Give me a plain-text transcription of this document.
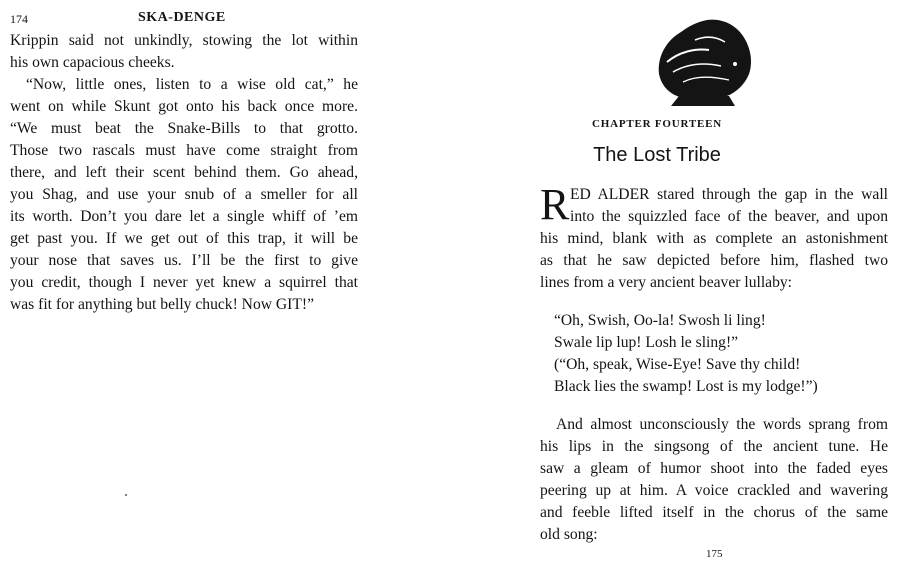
174	SKA-DENGE
Krippin said not unkindly, stowing the lot within
his own capacious cheeks.
“Now, little ones, listen to a wise old cat,” he
went on while Skunt got onto his back once more.
“We must beat the Snake-Bills to that grotto.
Those two rascals must have come straight from
there, and left their scent behind them. Go ahead,
you Shag, and use your snub of a smeller for all
its worth. Don’t you dare let a single whiff of ’em
get past you. If we get out of this trap, it will be
your nose that saves us. I’ll be the first to give
you credit, though I never yet knew a squirrel that
was fit for anything but belly chuck! Now GIT!”
CHAPTER FOURTEEN
The Lost Tribe
R ED ALDER stared through the gap in the wall
into the squizzled face of the beaver, and upon
his mind, blank with as complete an astonishment
as that he saw depicted before him, flashed two
lines from a very ancient beaver lullaby:
“Oh, Swish, Oo-la! Swosh li ling!
Swale lip lup! Losh le sling!”
(“Oh, speak, Wise-Eye! Save thy child!
Black lies the swamp! Lost is my lodge!”)
And almost unconsciously the words sprang from
his lips in the singsong of the ancient tune. He
saw a gleam of humor shoot into the faded eyes
peering up at him. A voice crackled and wavering
and feeble lifted itself in the chorus of the same
old song:
175
